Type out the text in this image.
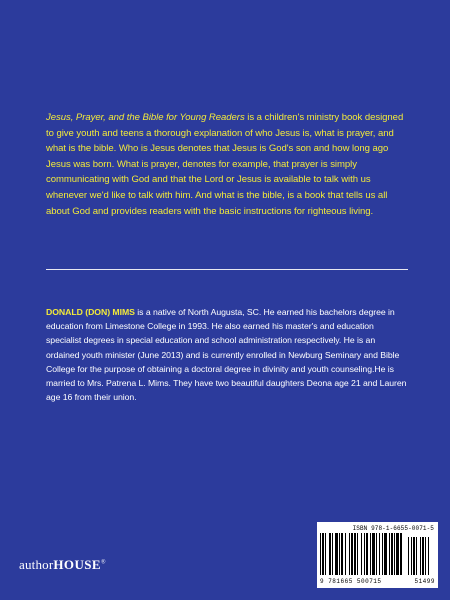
Jesus, Prayer, and the Bible for Young Readers is a children's ministry book designed to give youth and teens a thorough explanation of who Jesus is, what is prayer, and what is the bible. Who is Jesus denotes that Jesus is God's son and how long ago Jesus was born. What is prayer, denotes for example, that prayer is simply communicating with God and that the Lord or Jesus is available to talk with us whenever we'd like to talk with him. And what is the bible, is a book that tells us all about God and provides readers with the basic instructions for righteous living.
DONALD (DON) MIMS is a native of North Augusta, SC. He earned his bachelors degree in education from Limestone College in 1993. He also earned his master's and education specialist degrees in special education and school administration respectively. He is an ordained youth minister (June 2013) and is currently enrolled in Newburg Seminary and Bible College for the purpose of obtaining a doctoral degree in divinity and youth counseling.He is married to Mrs. Patrena L. Mims. They have two beautiful daughters Deona age 21 and Lauren age 16 from their union.
authorHOUSE®
ISBN 978-1-6655-0071-5
9 781665 500715	51499
